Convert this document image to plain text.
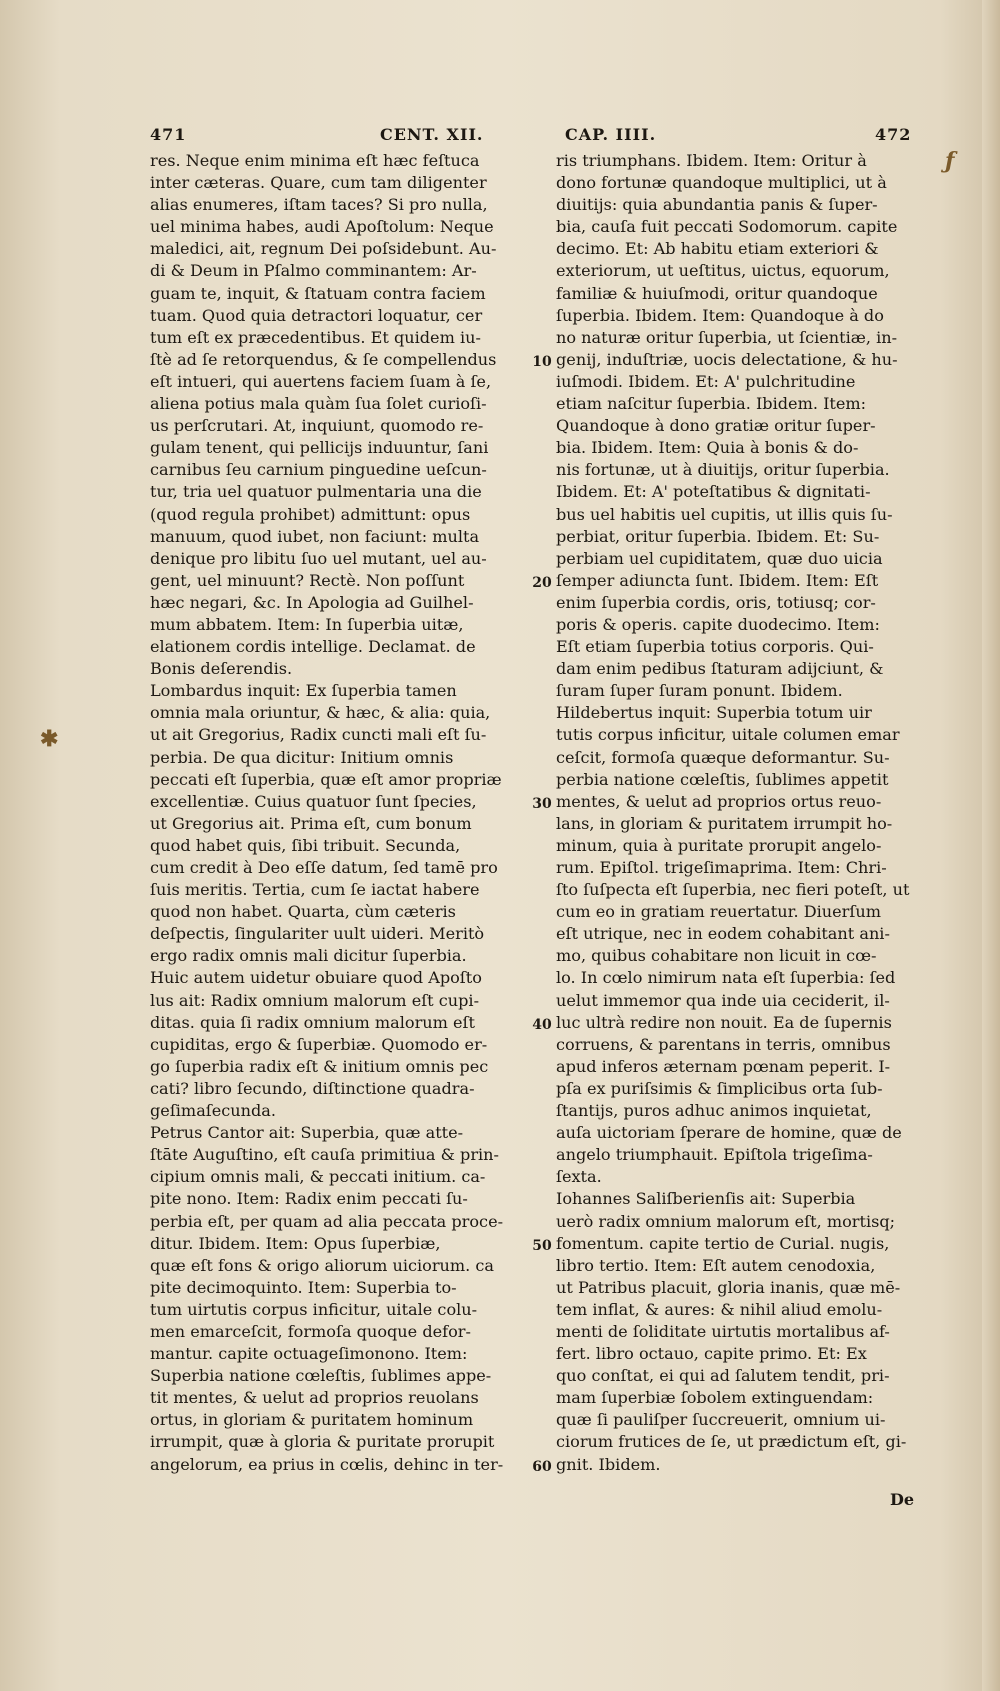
471	CENT. XII.	CAP. IIII.	472
res. Neque enim minima eſt hæc feſtuca
inter cæteras. Quare, cum tam diligenter
alias enumeres, iſtam taces? Si pro nulla,
uel minima habes, audi Apoſtolum: Neque
maledici, ait, regnum Dei poſsidebunt. Au-
di & Deum in Pſalmo comminantem: Ar-
guam te, inquit, & ſtatuam contra faciem
tuam. Quod quia detractori loquatur, cer
tum eſt ex præcedentibus. Et quidem iu-
ſtè ad ſe retorquendus, & ſe compellendus
eſt intueri, qui auertens faciem ſuam à ſe,
aliena potius mala quàm ſua ſolet curioſi-
us perſcrutari. At, inquiunt, quomodo re-
gulam tenent, qui pellicijs induuntur, ſani
carnibus ſeu carnium pinguedine ueſcun-
tur, tria uel quatuor pulmentaria una die
(quod regula prohibet) admittunt: opus
manuum, quod iubet, non faciunt: multa
denique pro libitu ſuo uel mutant, uel au-
gent, uel minuunt? Rectè. Non poſſunt
hæc negari, &c. In Apologia ad Guilhel-
mum abbatem. Item: In ſuperbia uitæ,
elationem cordis intellige. Declamat. de
Bonis deſerendis.
Lombardus inquit: Ex ſuperbia tamen
omnia mala oriuntur, & hæc, & alia: quia,
ut ait Gregorius, Radix cuncti mali eſt ſu-
perbia. De qua dicitur: Initium omnis
peccati eſt ſuperbia, quæ eſt amor propriæ
excellentiæ. Cuius quatuor ſunt ſpecies,
ut Gregorius ait. Prima eſt, cum bonum
quod habet quis, ſibi tribuit. Secunda,
cum credit à Deo eſſe datum, ſed tamē pro
ſuis meritis. Tertia, cum ſe iactat habere
quod non habet. Quarta, cùm cæteris
deſpectis, ſingulariter uult uideri. Meritò
ergo radix omnis mali dicitur ſuperbia.
Huic autem uidetur obuiare quod Apoſto
lus ait: Radix omnium malorum eſt cupi-
ditas. quia ſi radix omnium malorum eſt
cupiditas, ergo & ſuperbiæ. Quomodo er-
go ſuperbia radix eſt & initium omnis pec
cati? libro ſecundo, diſtinctione quadra-
geſimaſecunda.
Petrus Cantor ait: Superbia, quæ atte-
ſtāte Auguſtino, eſt cauſa primitiua & prin-
cipium omnis mali, & peccati initium. ca-
pite nono. Item: Radix enim peccati ſu-
perbia eſt, per quam ad alia peccata proce-
ditur. Ibidem. Item: Opus ſuperbiæ,
quæ eſt fons & origo aliorum uiciorum. ca
pite decimoquinto. Item: Superbia to-
tum uirtutis corpus inficitur, uitale colu-
men emarceſcit, formoſa quoque defor-
mantur. capite octuageſimonono. Item:
Superbia natione cœleſtis, ſublimes appe-
tit mentes, & uelut ad proprios reuolans
ortus, in gloriam & puritatem hominum
irrumpit, quæ à gloria & puritate prorupit
angelorum, ea prius in cœlis, dehinc in ter-
ris triumphans. Ibidem. Item: Oritur à
dono fortunæ quandoque multiplici, ut à
diuitijs: quia abundantia panis & ſuper-
bia, cauſa fuit peccati Sodomorum. capite
decimo. Et: Ab habitu etiam exteriori &
exteriorum, ut ueſtitus, uictus, equorum,
familiæ & huiuſmodi, oritur quandoque
ſuperbia. Ibidem. Item: Quandoque à do
no naturæ oritur ſuperbia, ut ſcientiæ, in-
genij, induſtriæ, uocis delectatione, & hu-
iuſmodi. Ibidem. Et: A' pulchritudine
etiam naſcitur ſuperbia. Ibidem. Item:
Quandoque à dono gratiæ oritur ſuper-
bia. Ibidem. Item: Quia à bonis & do-
nis fortunæ, ut à diuitijs, oritur ſuperbia.
Ibidem. Et: A' poteſtatibus & dignitati-
bus uel habitis uel cupitis, ut illis quis ſu-
perbiat, oritur ſuperbia. Ibidem. Et: Su-
perbiam uel cupiditatem, quæ duo uicia
ſemper adiuncta ſunt. Ibidem. Item: Eſt
enim ſuperbia cordis, oris, totiusq; cor-
poris & operis. capite duodecimo. Item:
Eſt etiam ſuperbia totius corporis. Qui-
dam enim pedibus ſtaturam adijciunt, &
ſuram ſuper ſuram ponunt. Ibidem.
Hildebertus inquit: Superbia totum uir
tutis corpus inficitur, uitale columen emar
ceſcit, formoſa quæque deformantur. Su-
perbia natione cœleſtis, ſublimes appetit
mentes, & uelut ad proprios ortus reuo-
lans, in gloriam & puritatem irrumpit ho-
minum, quia à puritate prorupit angelo-
rum. Epiſtol. trigeſimaprima. Item: Chri-
ſto ſuſpecta eſt ſuperbia, nec fieri poteſt, ut
cum eo in gratiam reuertatur. Diuerſum
eſt utrique, nec in eodem cohabitant ani-
mo, quibus cohabitare non licuit in cœ-
lo. In cœlo nimirum nata eſt ſuperbia: ſed
uelut immemor qua inde uia ceciderit, il-
luc ultrà redire non nouit. Ea de ſupernis
corruens, & parentans in terris, omnibus
apud inferos æternam pœnam peperit. I-
pſa ex puriſsimis & ſimplicibus orta ſub-
ſtantijs, puros adhuc animos inquietat,
auſa uictoriam ſperare de homine, quæ de
angelo triumphauit. Epiſtola trigeſima-
ſexta.
Iohannes Saliſberienſis ait: Superbia
uerò radix omnium malorum eſt, mortisq;
fomentum. capite tertio de Curial. nugis,
libro tertio. Item: Eſt autem cenodoxia,
ut Patribus placuit, gloria inanis, quæ mē-
tem inflat, & aures: & nihil aliud emolu-
menti de ſoliditate uirtutis mortalibus af-
fert. libro octauo, capite primo. Et: Ex
quo conſtat, ei qui ad ſalutem tendit, pri-
mam ſuperbiæ ſobolem extinguendam:
quæ ſi pauliſper ſuccreuerit, omnium ui-
ciorum frutices de ſe, ut prædictum eſt, gi-
gnit. Ibidem.
10
20
30
40
50
60
✱
ƒ
De
